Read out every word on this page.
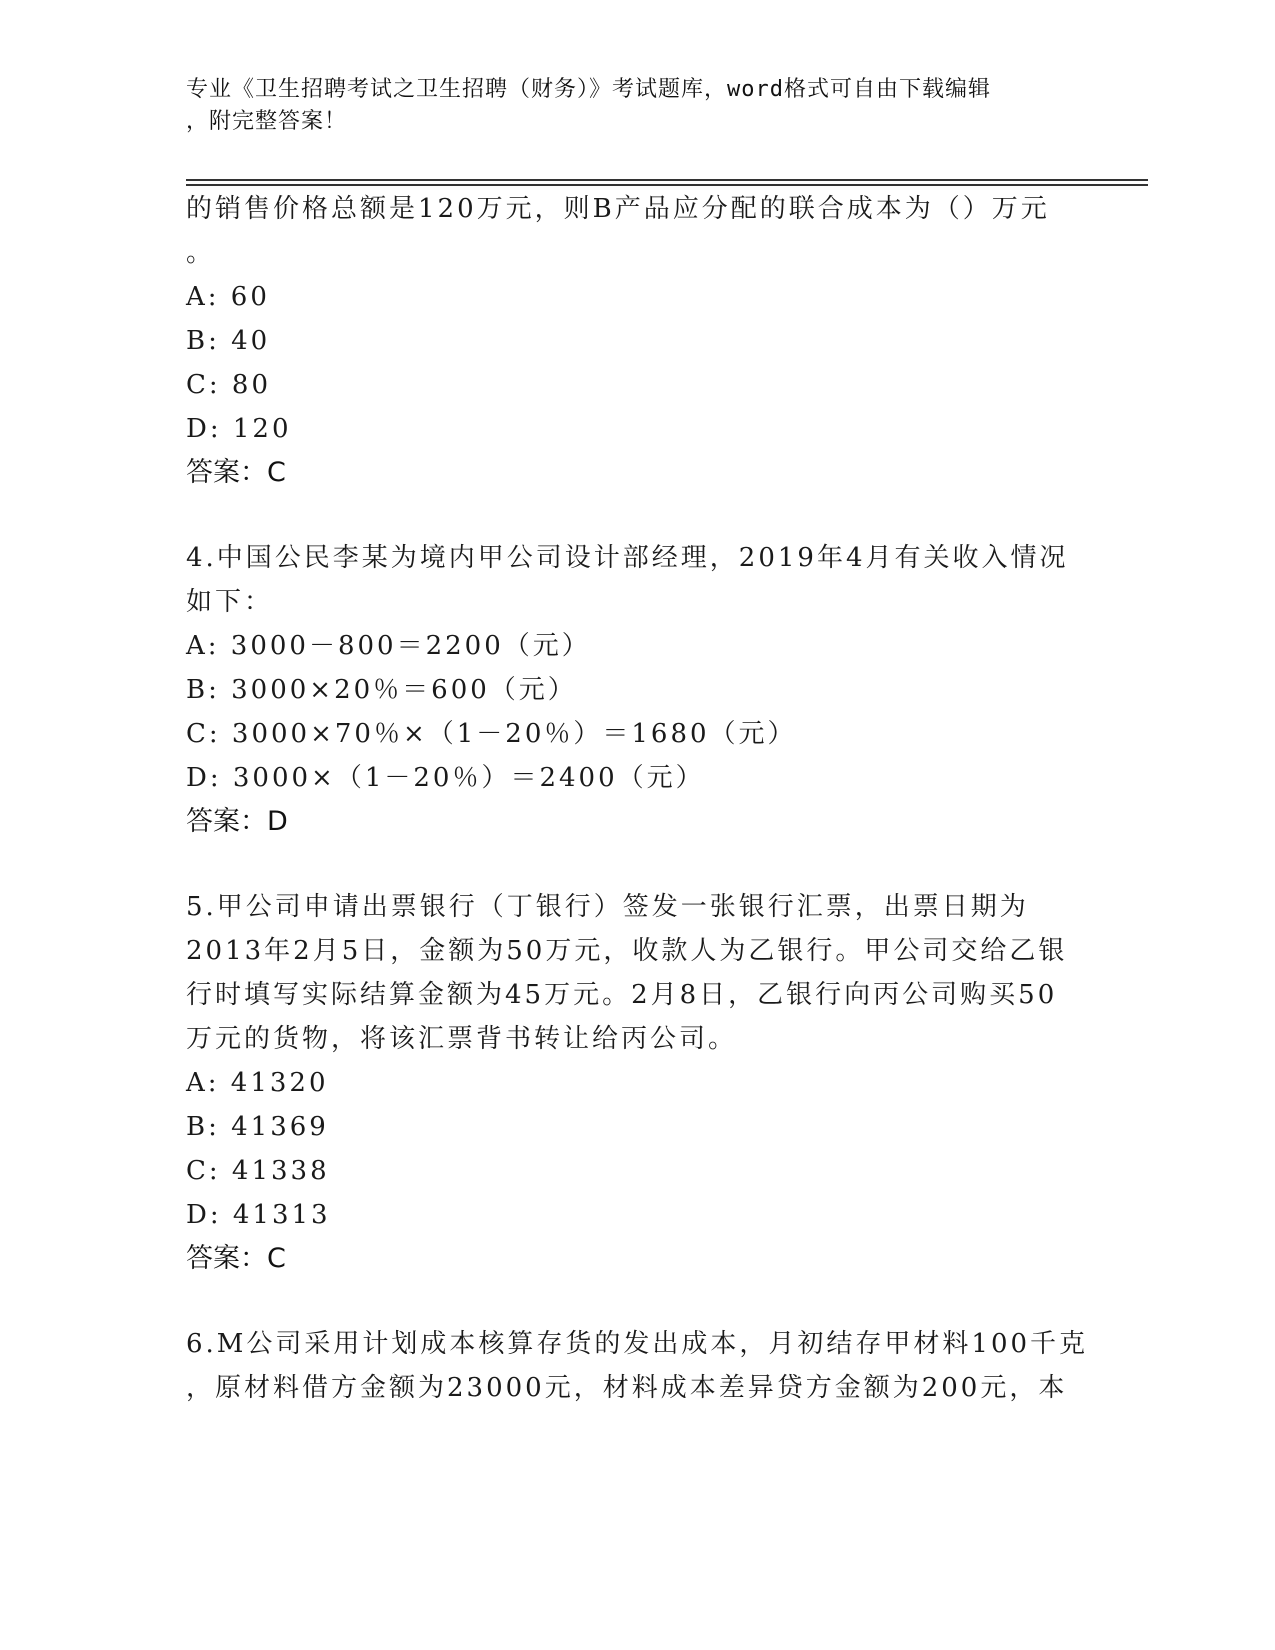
专业《卫生招聘考试之卫生招聘（财务）》考试题库，word格式可自由下载编辑
，附完整答案！
的销售价格总额是120万元，则B产品应分配的联合成本为（）万元
。
A: 60
B: 40
C: 80
D: 120
答案：C
4.中国公民李某为境内甲公司设计部经理，2019年4月有关收入情况
如下：
A: 3000－800＝2200（元）
B: 3000×20％＝600（元）
C: 3000×70％×（1－20％）＝1680（元）
D: 3000×（1－20％）＝2400（元）
答案：D
5.甲公司申请出票银行（丁银行）签发一张银行汇票，出票日期为
2013年2月5日，金额为50万元，收款人为乙银行。甲公司交给乙银
行时填写实际结算金额为45万元。2月8日，乙银行向丙公司购买50
万元的货物，将该汇票背书转让给丙公司。
A: 41320
B: 41369
C: 41338
D: 41313
答案：C
6.M公司采用计划成本核算存货的发出成本，月初结存甲材料100千克
，原材料借方金额为23000元，材料成本差异贷方金额为200元，本
